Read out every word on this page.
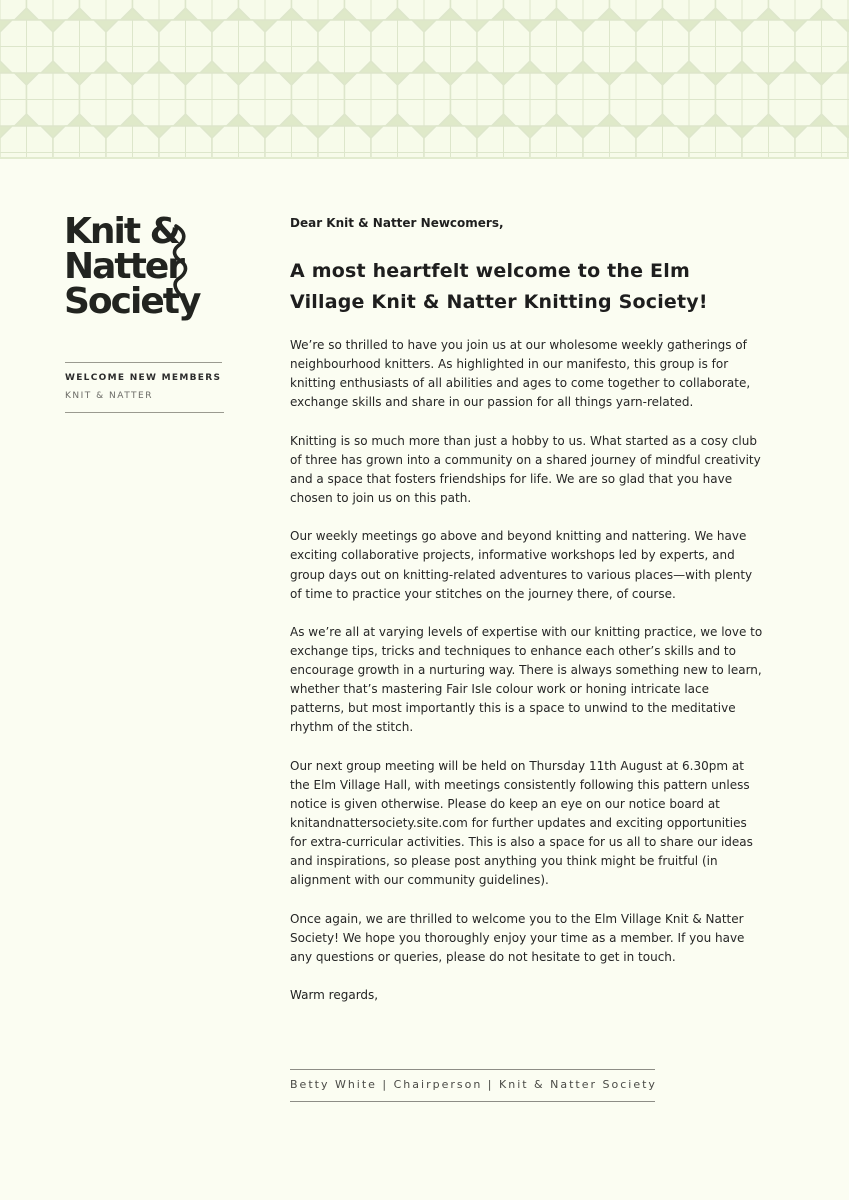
Knit &
Natter
Society
WELCOME NEW MEMBERS
KNIT & NATTER

Dear Knit & Natter Newcomers,

A most heartfelt welcome to the Elm Village Knit & Natter Knitting Society!

We’re so thrilled to have you join us at our wholesome weekly gatherings of neighbourhood knitters. As highlighted in our manifesto, this group is for knitting enthusiasts of all abilities and ages to come together to collaborate, exchange skills and share in our passion for all things yarn-related.

Knitting is so much more than just a hobby to us. What started as a cosy club of three has grown into a community on a shared journey of mindful creativity and a space that fosters friendships for life. We are so glad that you have chosen to join us on this path.

Our weekly meetings go above and beyond knitting and nattering. We have exciting collaborative projects, informative workshops led by experts, and group days out on knitting-related adventures to various places—with plenty of time to practice your stitches on the journey there, of course.

As we’re all at varying levels of expertise with our knitting practice, we love to exchange tips, tricks and techniques to enhance each other’s skills and to encourage growth in a nurturing way. There is always something new to learn, whether that’s mastering Fair Isle colour work or honing intricate lace patterns, but most importantly this is a space to unwind to the meditative rhythm of the stitch.

Our next group meeting will be held on Thursday 11th August at 6.30pm at the Elm Village Hall, with meetings consistently following this pattern unless notice is given otherwise. Please do keep an eye on our notice board at knitandnattersociety.site.com for further updates and exciting opportunities for extra-curricular activities. This is also a space for us all to share our ideas and inspirations, so please post anything you think might be fruitful (in alignment with our community guidelines).

Once again, we are thrilled to welcome you to the Elm Village Knit & Natter Society! We hope you thoroughly enjoy your time as a member. If you have any questions or queries, please do not hesitate to get in touch.

Warm regards,

Betty White | Chairperson | Knit & Natter Society
